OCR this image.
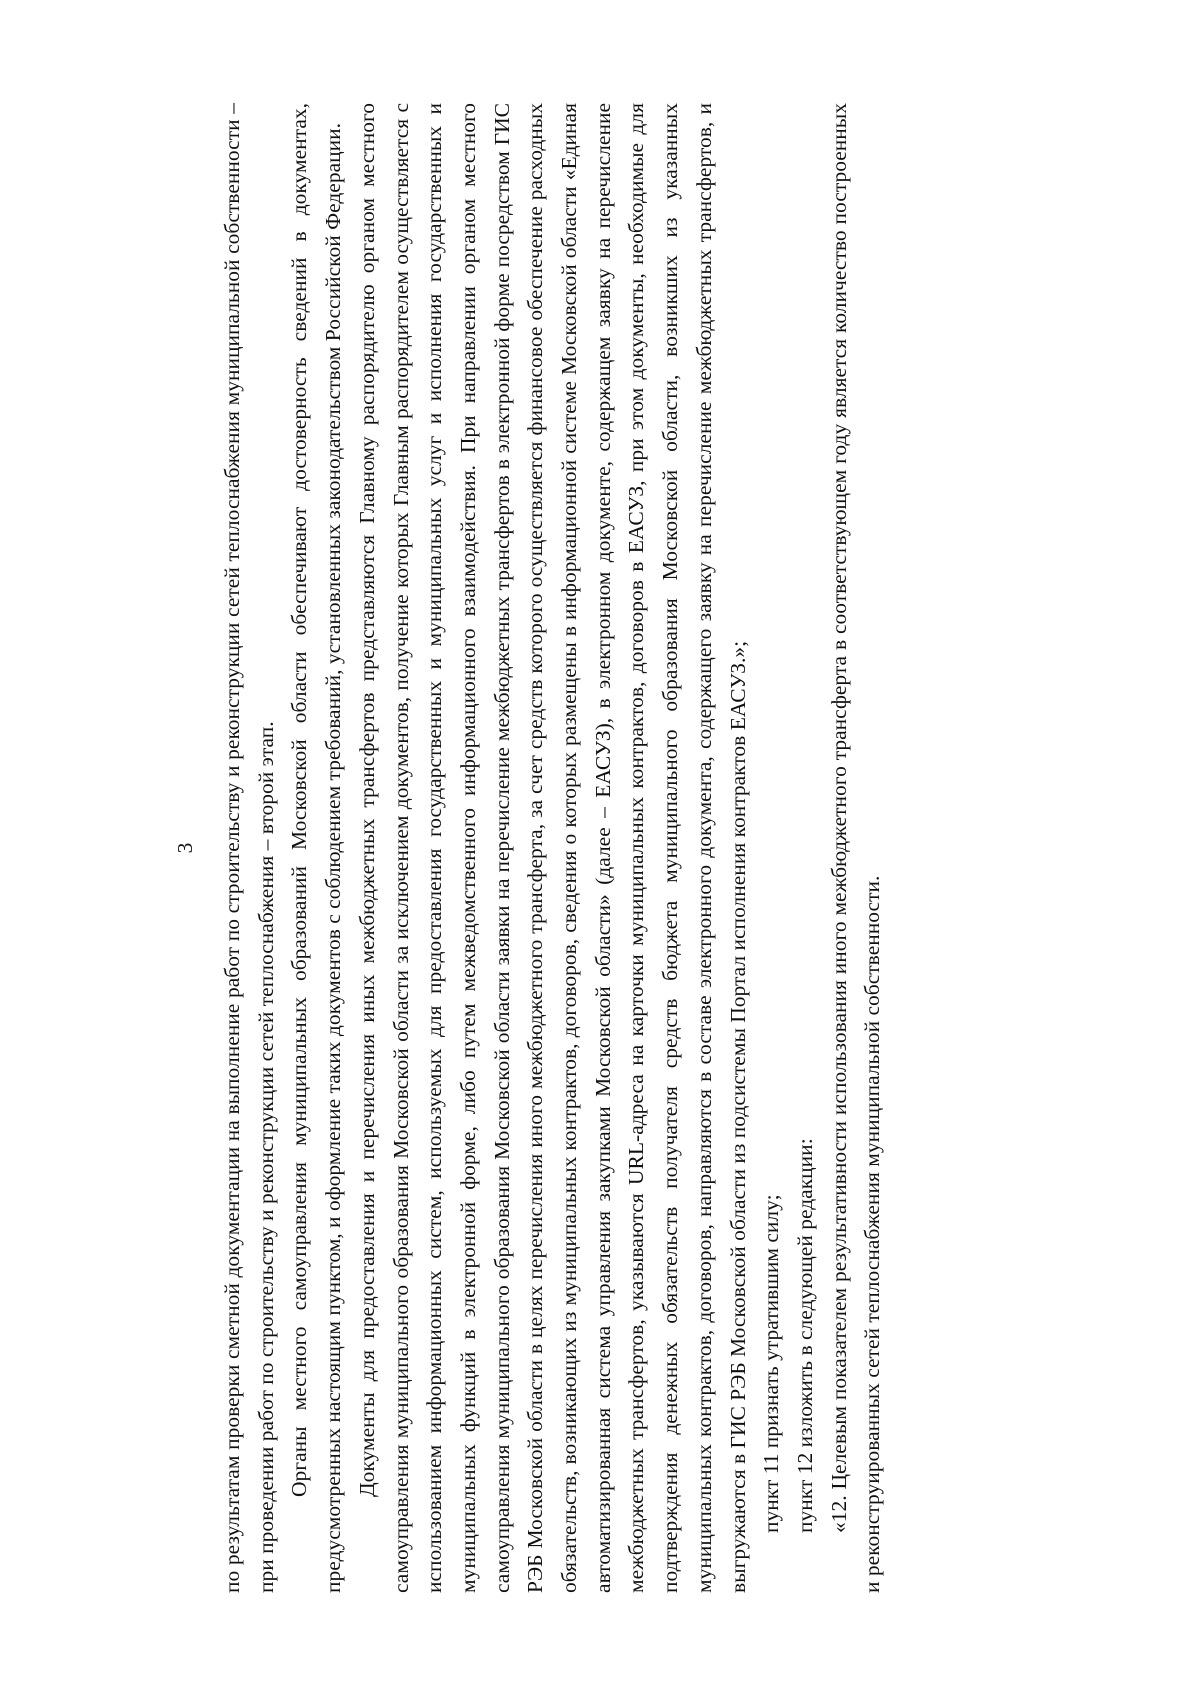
3 по результатам проверки сметной документации на выполнение работ по строительству и реконструкции сетей теплоснабжения муниципальной собственности – при проведении работ по строительству и реконструкции сетей теплоснабжения – второй этап. Органы местного самоуправления муниципальных образований Московской области обеспечивают достоверность сведений в документах, предусмотренных настоящим пунктом, и оформление таких документов с соблюдением требований, установленных законодательством Российской Федерации. Документы для предоставления и перечисления иных межбюджетных трансфертов представляются Главному распорядителю органом местного самоуправления муниципального образования Московской области за исключением документов, получение которых Главным распорядителем осуществляется с использованием информационных систем, используемых для предоставления государственных и муниципальных услуг и исполнения государственных и муниципальных функций в электронной форме, либо путем межведомственного информационного взаимодействия. При направлении органом местного самоуправления муниципального образования Московской области заявки на перечисление межбюджетных трансфертов в электронной форме посредством ГИС РЭБ Московской области в целях перечисления иного межбюджетного трансферта, за счет средств которого осуществляется финансовое обеспечение расходных обязательств, возникающих из муниципальных контрактов, договоров, сведения о которых размещены в информационной системе Московской области «Единая автоматизированная система управления закупками Московской области» (далее – ЕАСУЗ), в электронном документе, содержащем заявку на перечисление межбюджетных трансфертов, указываются URL-адреса на карточки муниципальных контрактов, договоров в ЕАСУЗ, при этом документы, необходимые для подтверждения денежных обязательств получателя средств бюджета муниципального образования Московской области, возникших из указанных муниципальных контрактов, договоров, направляются в составе электронного документа, содержащего заявку на перечисление межбюджетных трансфертов, и выгружаются в ГИС РЭБ Московской области из подсистемы Портал исполнения контрактов ЕАСУЗ.»; пункт 11 признать утратившим силу; пункт 12 изложить в следующей редакции: «12. Целевым показателем результативности использования иного межбюджетного трансферта в соответствующем году является количество построенных и реконструированных сетей теплоснабжения муниципальной собственности.
